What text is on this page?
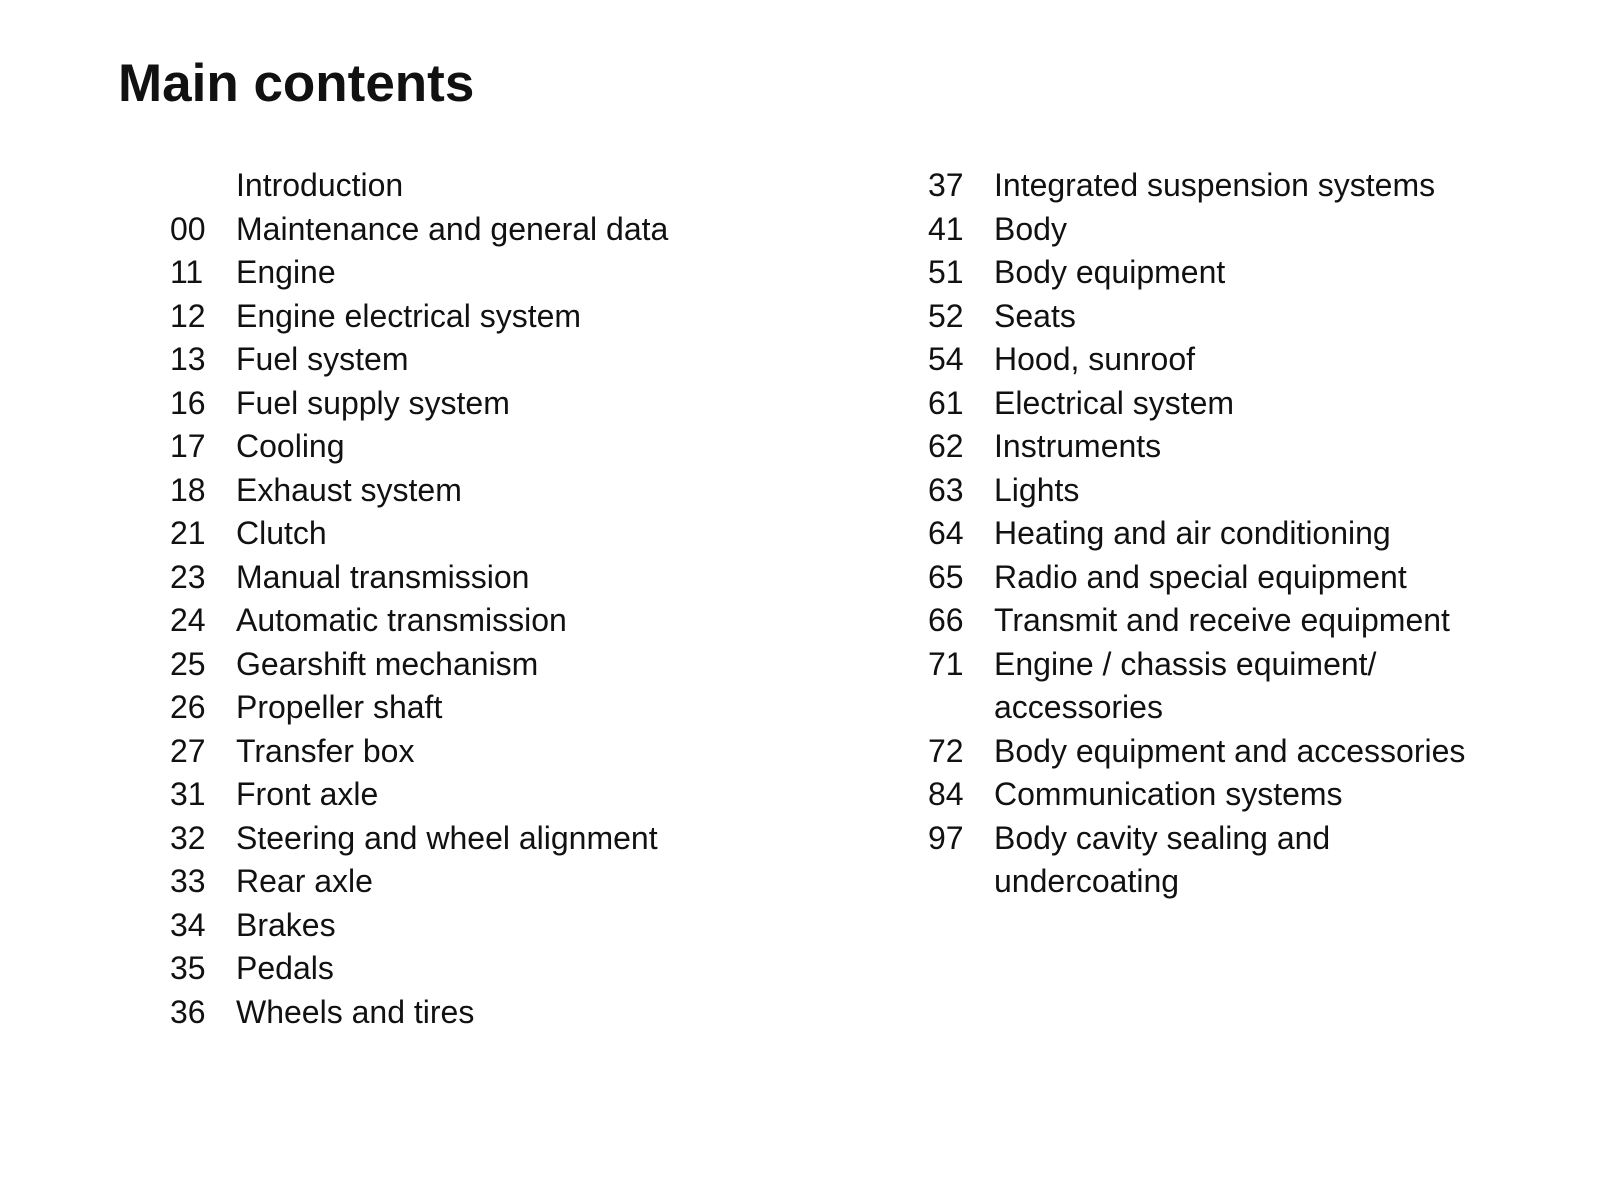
Main contents
Introduction
00 Maintenance and general data
11	Engine
12 Engine electrical system
13 Fuel system
16 Fuel supply system
17 Cooling
18 Exhaust system
21 Clutch
23 Manual transmission
24 Automatic transmission
25 Gearshift mechanism
26 Propeller shaft
27 Transfer box
31 Front axle
32 Steering and wheel alignment
33 Rear axle
34 Brakes
35 Pedals
36 Wheels and tires
37 Integrated suspension systems
41 Body
51 Body equipment
52 Seats
54 Hood, sunroof
61 Electrical system
62 Instruments
63 Lights
64 Heating and air conditioning
65 Radio and special equipment
66 Transmit and receive equipment
71 Engine / chassis equiment/
accessories
72 Body equipment and accessories
84 Communication systems
97 Body cavity sealing and
undercoating
